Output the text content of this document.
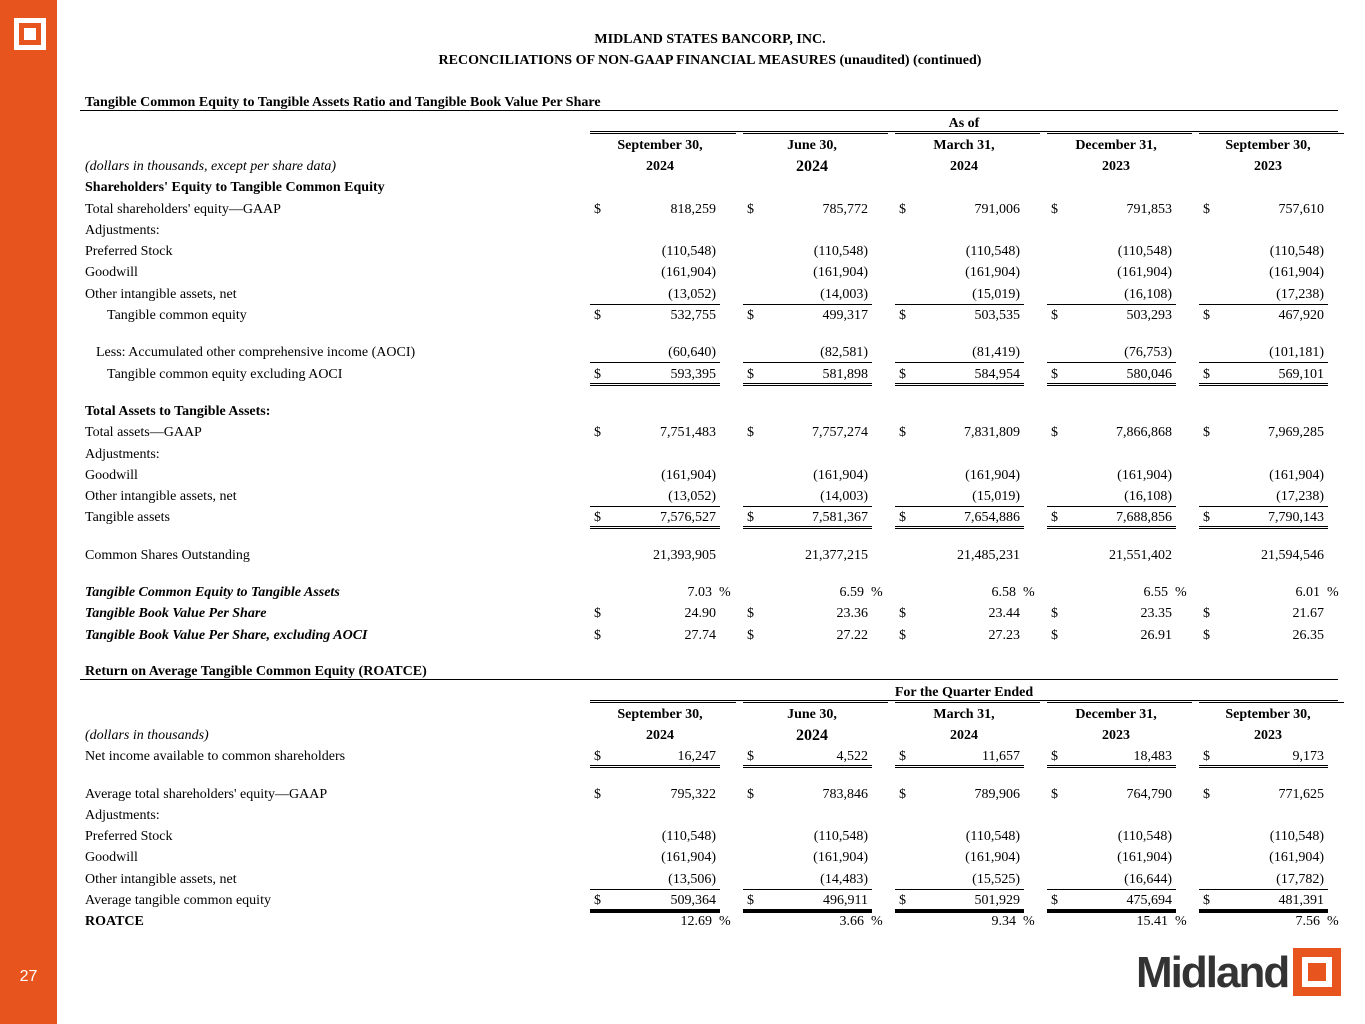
27
MIDLAND STATES BANCORP, INC.
RECONCILIATIONS OF NON-GAAP FINANCIAL MEASURES (unaudited) (continued)
Tangible Common Equity to Tangible Assets Ratio and Tangible Book Value Per Share
As of
September 30,	June 30,	March 31,	December 31,	September 30,
(dollars in thousands, except per share data)	2024	2024	2024	2023	2023
Shareholders' Equity to Tangible Common Equity
Total shareholders' equity—GAAP	$	818,259 $	785,772 $	791,006 $	791,853 $	757,610
Adjustments:
Preferred Stock	(110,548)	(110,548)	(110,548)	(110,548)	(110,548)
Goodwill	(161,904)	(161,904)	(161,904)	(161,904)	(161,904)
Other intangible assets, net	(13,052)	(14,003)	(15,019)	(16,108)	(17,238)
Tangible common equity	$	532,755 $	499,317 $	503,535 $	503,293 $	467,920
Less: Accumulated other comprehensive income (AOCI)	(60,640)	(82,581)	(81,419)	(76,753)	(101,181)
Tangible common equity excluding AOCI	$	593,395 $	581,898 $	584,954 $	580,046 $	569,101
Total Assets to Tangible Assets:
Total assets—GAAP	$	7,751,483 $	7,757,274 $	7,831,809 $	7,866,868 $	7,969,285
Adjustments:
Goodwill	(161,904)	(161,904)	(161,904)	(161,904)	(161,904)
Other intangible assets, net	(13,052)	(14,003)	(15,019)	(16,108)	(17,238)
Tangible assets	$	7,576,527 $	7,581,367 $	7,654,886 $	7,688,856 $	7,790,143
Common Shares Outstanding	21,393,905	21,377,215	21,485,231	21,551,402	21,594,546
Tangible Common Equity to Tangible Assets	7.03 %	6.59 %	6.58 %	6.55 %	6.01 %
Tangible Book Value Per Share	$	24.90 $	23.36 $	23.44 $	23.35 $	21.67
Tangible Book Value Per Share, excluding AOCI	$	27.74 $	27.22 $	27.23 $	26.91 $	26.35
Return on Average Tangible Common Equity (ROATCE)
For the Quarter Ended
September 30,	June 30,	March 31,	December 31,	September 30,
(dollars in thousands)	2024	2024	2024	2023	2023
Net income available to common shareholders	$	16,247 $	4,522 $	11,657 $	18,483 $	9,173
Average total shareholders' equity—GAAP	$	795,322 $	783,846 $	789,906 $	764,790 $	771,625
Adjustments:
Preferred Stock	(110,548)	(110,548)	(110,548)	(110,548)	(110,548)
Goodwill	(161,904)	(161,904)	(161,904)	(161,904)	(161,904)
Other intangible assets, net	(13,506)	(14,483)	(15,525)	(16,644)	(17,782)
Average tangible common equity	$	509,364 $	496,911 $	501,929 $	475,694 $	481,391
ROATCE	12.69 %	3.66 %	9.34 %	15.41 %	7.56 %
Midland
